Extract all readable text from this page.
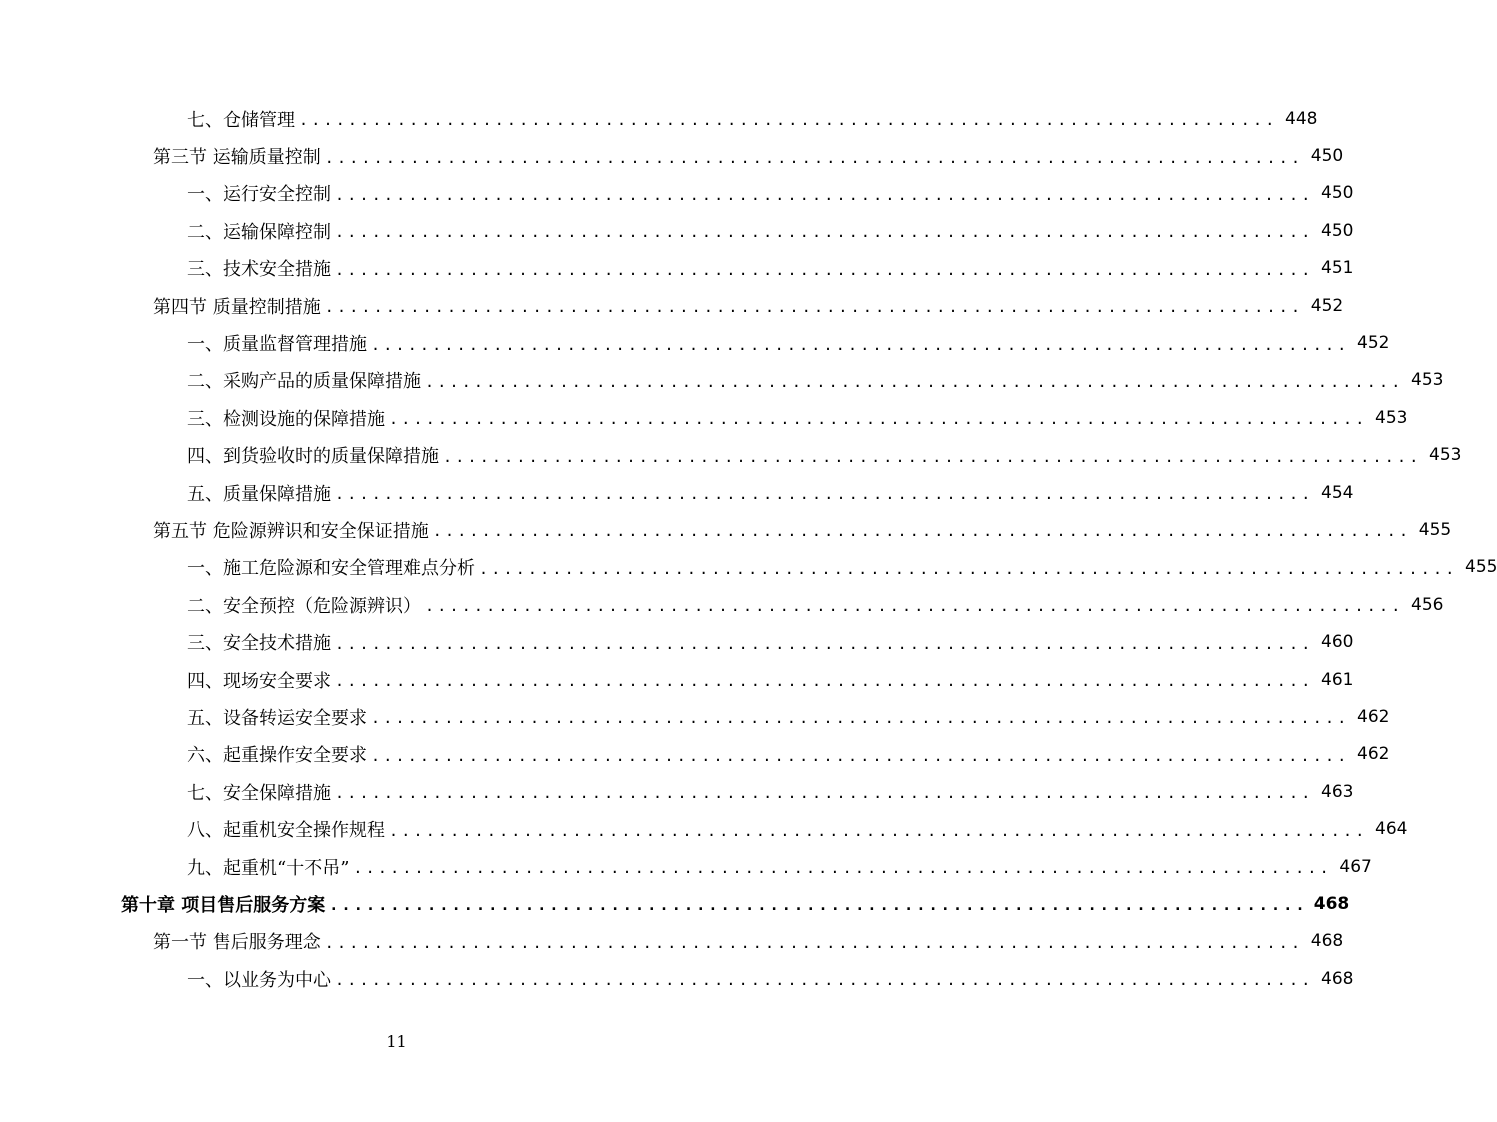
七、仓储管理 ................................................................................ 448
第三节 运输质量控制 ................................................................................ 450
一、运行安全控制 ................................................................................ 450
二、运输保障控制 ................................................................................ 450
三、技术安全措施 ................................................................................ 451
第四节 质量控制措施 ................................................................................ 452
一、质量监督管理措施 ................................................................................ 452
二、采购产品的质量保障措施 ................................................................................ 453
三、检测设施的保障措施 ................................................................................ 453
四、到货验收时的质量保障措施 ................................................................................ 453
五、质量保障措施 ................................................................................ 454
第五节 危险源辨识和安全保证措施 ................................................................................ 455
一、施工危险源和安全管理难点分析 ................................................................................ 455
二、安全预控（危险源辨识） ................................................................................ 456
三、安全技术措施 ................................................................................ 460
四、现场安全要求 ................................................................................ 461
五、设备转运安全要求 ................................................................................ 462
六、起重操作安全要求 ................................................................................ 462
七、安全保障措施 ................................................................................ 463
八、起重机安全操作规程 ................................................................................ 464
九、起重机“十不吊” ................................................................................ 467
第十章 项目售后服务方案 ................................................................................ 468
第一节 售后服务理念 ................................................................................ 468
一、以业务为中心 ................................................................................ 468
11
